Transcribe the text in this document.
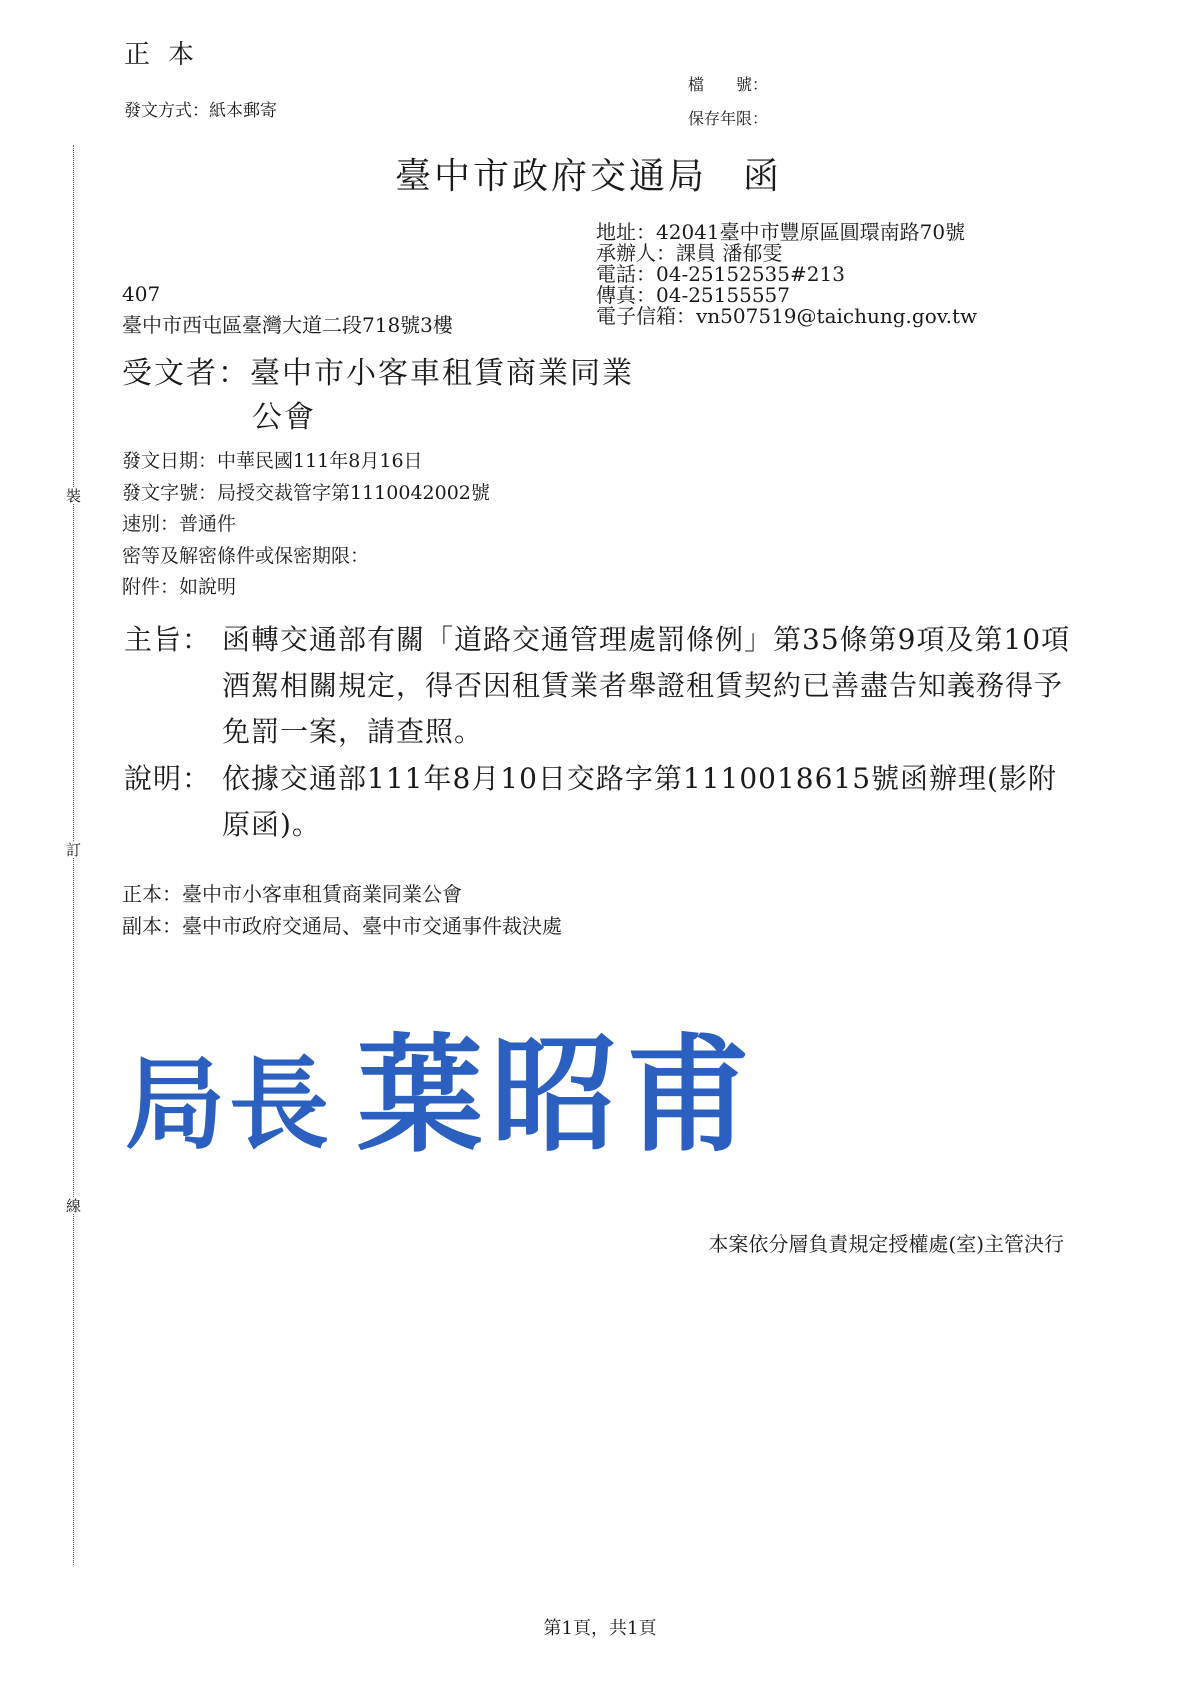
裝
訂
線
正本
發文方式：紙本郵寄
檔　　號：
保存年限：
臺中市政府交通局 函
地址：42041臺中市豐原區圓環南路70號
承辦人：課員 潘郁雯
電話：04-25152535#213
傳真：04-25155557
電子信箱：vn507519@taichung.gov.tw
407
臺中市西屯區臺灣大道二段718號3樓
受文者：臺中市小客車租賃商業同業
公會
發文日期：中華民國111年8月16日
發文字號：局授交裁管字第1110042002號
速別：普通件
密等及解密條件或保密期限：
附件：如說明
主旨： 函轉交通部有關「道路交通管理處罰條例」第35條第9項及第10項酒駕相關規定，得否因租賃業者舉證租賃契約已善盡告知義務得予免罰一案，請查照。
說明： 依據交通部111年8月10日交路字第1110018615號函辦理(影附原函)。
正本：臺中市小客車租賃商業同業公會
副本：臺中市政府交通局、臺中市交通事件裁決處
局長 葉昭甫
本案依分層負責規定授權處(室)主管決行
第1頁，共1頁
